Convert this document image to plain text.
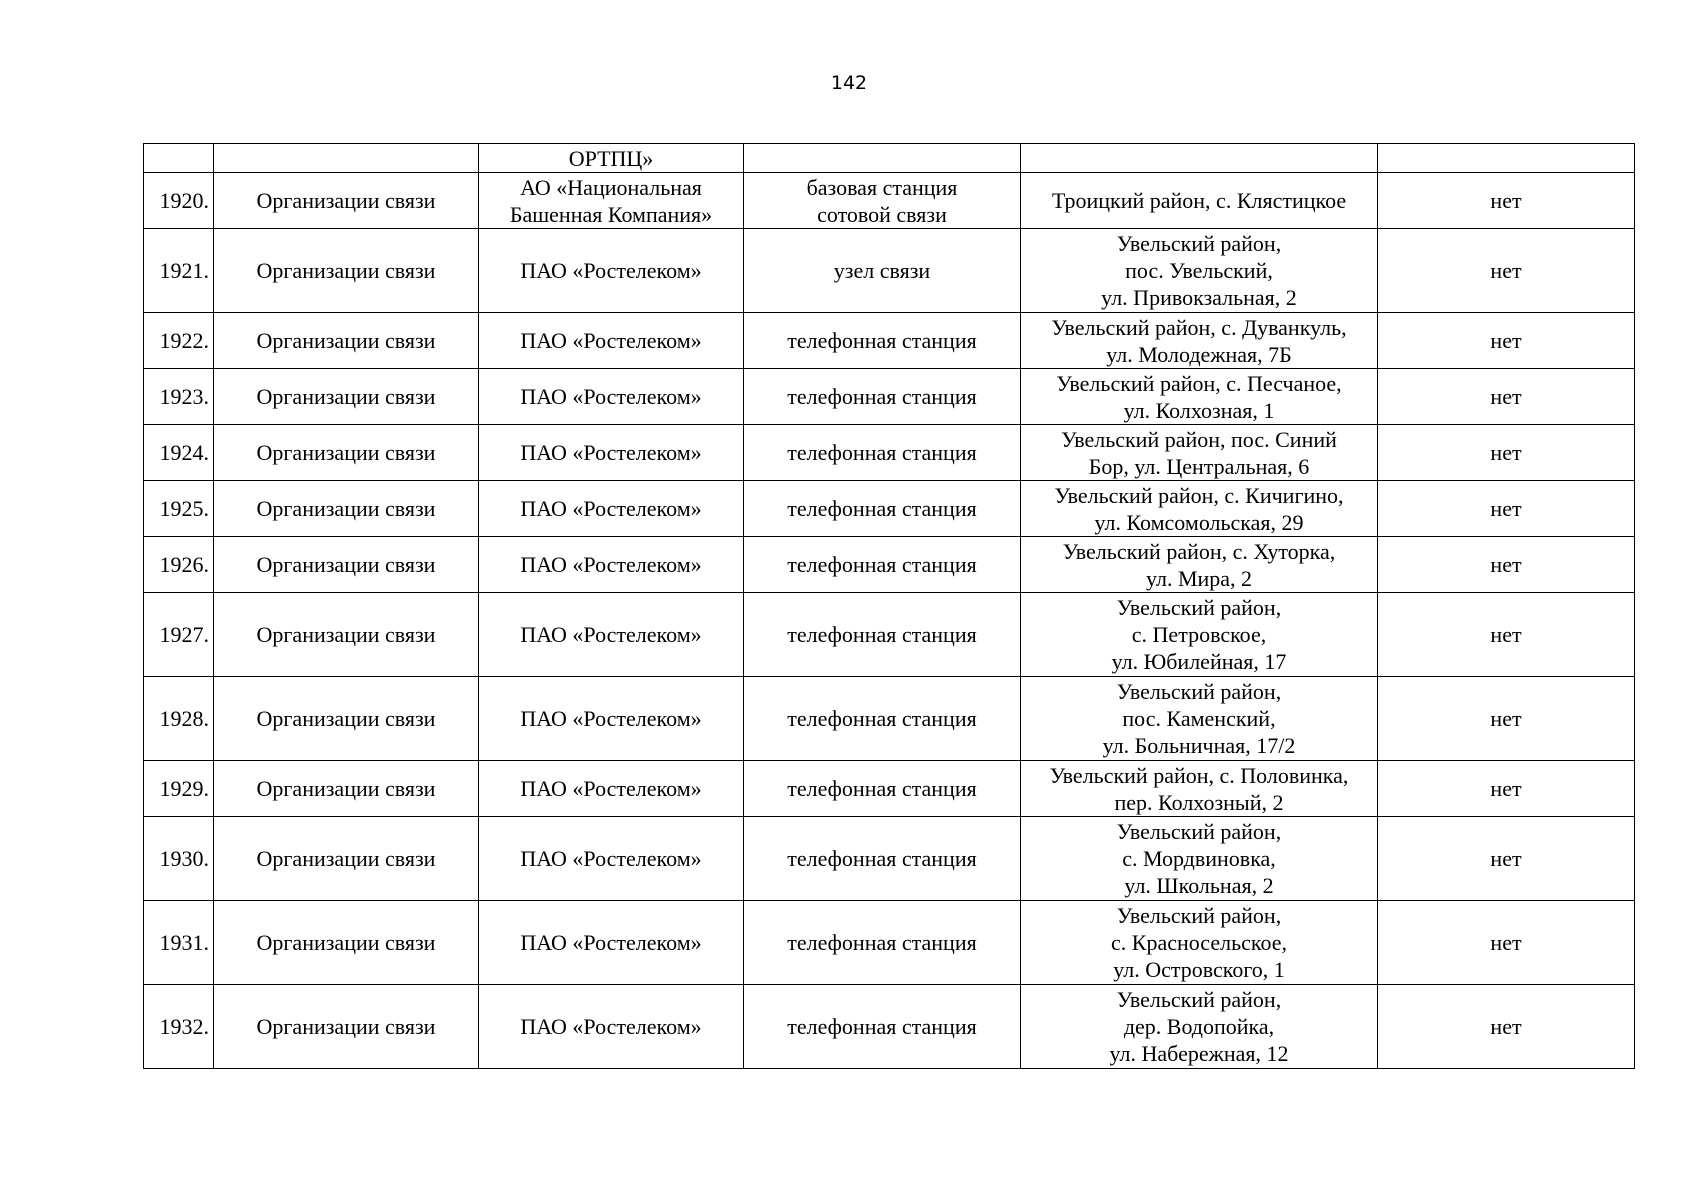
142
		ОРТПЦ»			
1920.	Организации связи	АО «Национальная
Башенная Компания»	базовая станция
сотовой связи	Троицкий район, с. Клястицкое	нет
1921.	Организации связи	ПАО «Ростелеком»	узел связи	Увельский район,
пос. Увельский,
ул. Привокзальная, 2	нет
1922.	Организации связи	ПАО «Ростелеком»	телефонная станция	Увельский район, с. Дуванкуль,
ул. Молодежная, 7Б	нет
1923.	Организации связи	ПАО «Ростелеком»	телефонная станция	Увельский район, с. Песчаное,
ул. Колхозная, 1	нет
1924.	Организации связи	ПАО «Ростелеком»	телефонная станция	Увельский район, пос. Синий
Бор, ул. Центральная, 6	нет
1925.	Организации связи	ПАО «Ростелеком»	телефонная станция	Увельский район, с. Кичигино,
ул. Комсомольская, 29	нет
1926.	Организации связи	ПАО «Ростелеком»	телефонная станция	Увельский район, с. Хуторка,
ул. Мира, 2	нет
1927.	Организации связи	ПАО «Ростелеком»	телефонная станция	Увельский район,
с. Петровское,
ул. Юбилейная, 17	нет
1928.	Организации связи	ПАО «Ростелеком»	телефонная станция	Увельский район,
пос. Каменский,
ул. Больничная, 17/2	нет
1929.	Организации связи	ПАО «Ростелеком»	телефонная станция	Увельский район, с. Половинка,
пер. Колхозный, 2	нет
1930.	Организации связи	ПАО «Ростелеком»	телефонная станция	Увельский район,
с. Мордвиновка,
ул. Школьная, 2	нет
1931.	Организации связи	ПАО «Ростелеком»	телефонная станция	Увельский район,
с. Красносельское,
ул. Островского, 1	нет
1932.	Организации связи	ПАО «Ростелеком»	телефонная станция	Увельский район,
дер. Водопойка,
ул. Набережная, 12	нет
